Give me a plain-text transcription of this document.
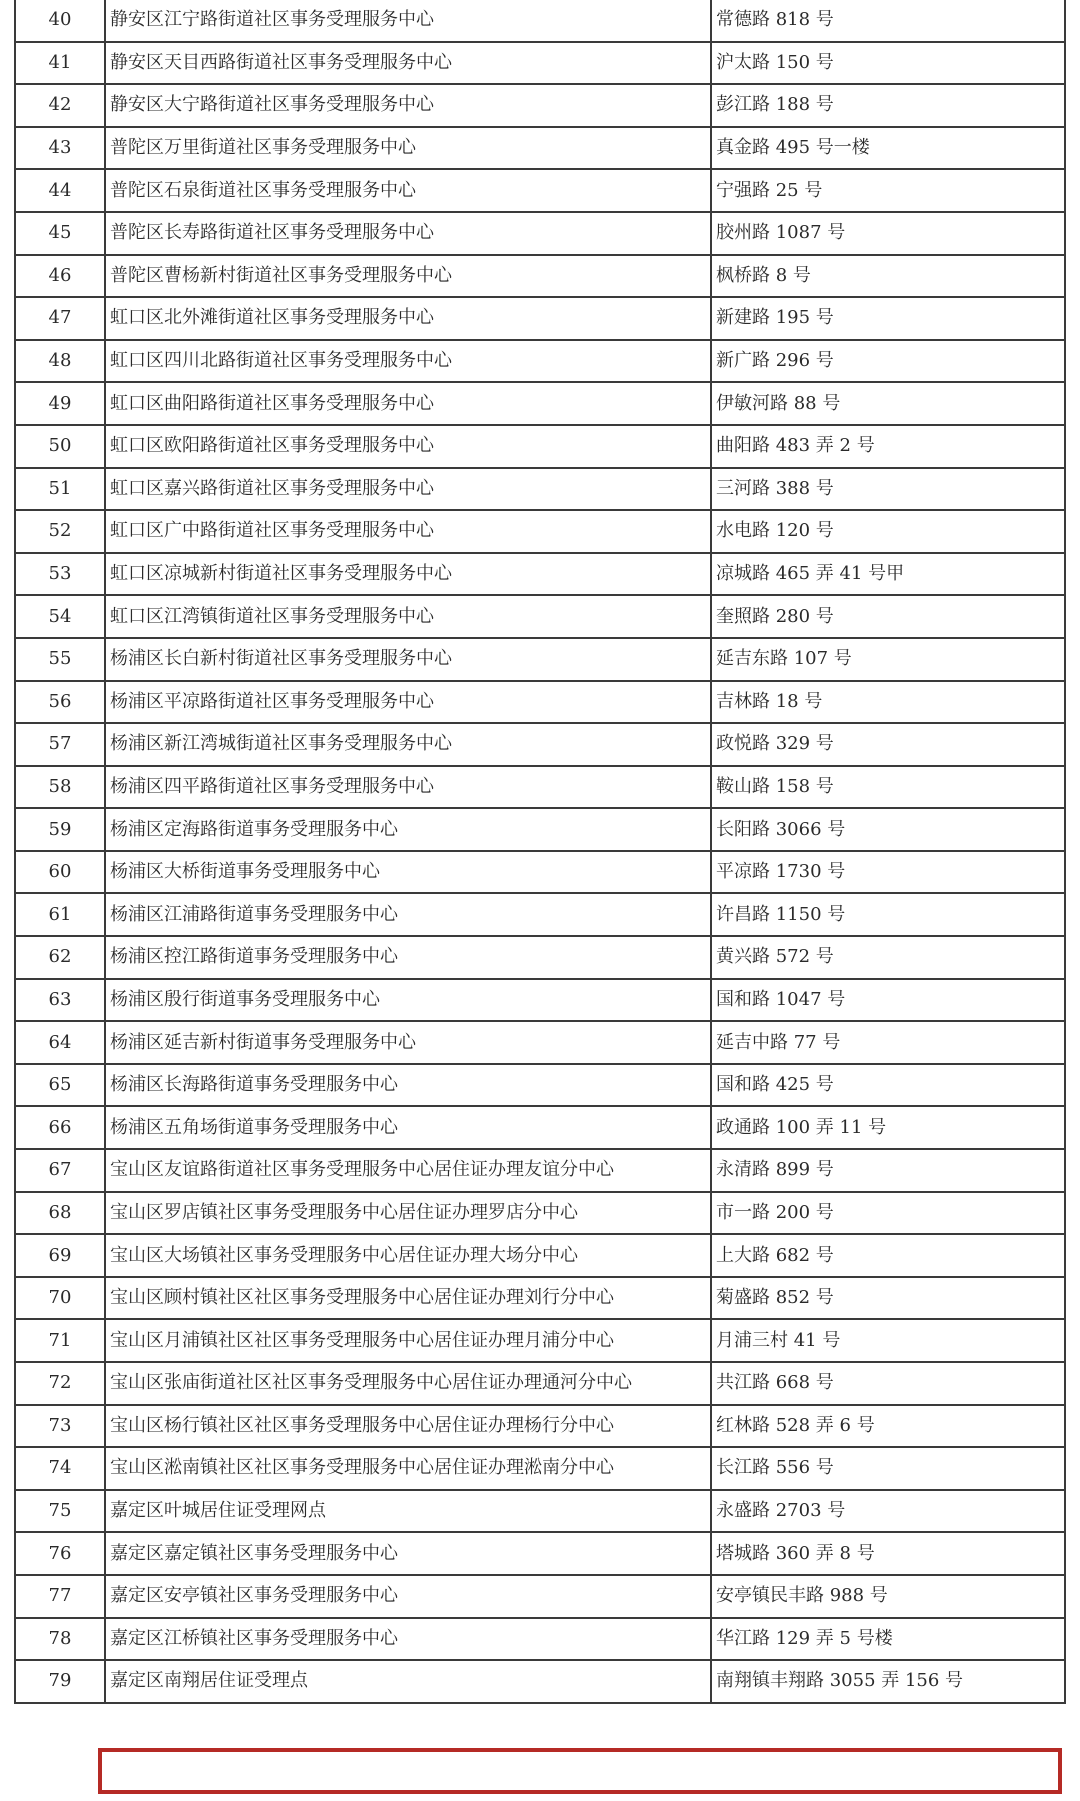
40	静安区江宁路街道社区事务受理服务中心	常德路 818 号
41	静安区天目西路街道社区事务受理服务中心	沪太路 150 号
42	静安区大宁路街道社区事务受理服务中心	彭江路 188 号
43	普陀区万里街道社区事务受理服务中心	真金路 495 号一楼
44	普陀区石泉街道社区事务受理服务中心	宁强路 25 号
45	普陀区长寿路街道社区事务受理服务中心	胶州路 1087 号
46	普陀区曹杨新村街道社区事务受理服务中心	枫桥路 8 号
47	虹口区北外滩街道社区事务受理服务中心	新建路 195 号
48	虹口区四川北路街道社区事务受理服务中心	新广路 296 号
49	虹口区曲阳路街道社区事务受理服务中心	伊敏河路 88 号
50	虹口区欧阳路街道社区事务受理服务中心	曲阳路 483 弄 2 号
51	虹口区嘉兴路街道社区事务受理服务中心	三河路 388 号
52	虹口区广中路街道社区事务受理服务中心	水电路 120 号
53	虹口区凉城新村街道社区事务受理服务中心	凉城路 465 弄 41 号甲
54	虹口区江湾镇街道社区事务受理服务中心	奎照路 280 号
55	杨浦区长白新村街道社区事务受理服务中心	延吉东路 107 号
56	杨浦区平凉路街道社区事务受理服务中心	吉林路 18 号
57	杨浦区新江湾城街道社区事务受理服务中心	政悦路 329 号
58	杨浦区四平路街道社区事务受理服务中心	鞍山路 158 号
59	杨浦区定海路街道事务受理服务中心	长阳路 3066 号
60	杨浦区大桥街道事务受理服务中心	平凉路 1730 号
61	杨浦区江浦路街道事务受理服务中心	许昌路 1150 号
62	杨浦区控江路街道事务受理服务中心	黄兴路 572 号
63	杨浦区殷行街道事务受理服务中心	国和路 1047 号
64	杨浦区延吉新村街道事务受理服务中心	延吉中路 77 号
65	杨浦区长海路街道事务受理服务中心	国和路 425 号
66	杨浦区五角场街道事务受理服务中心	政通路 100 弄 11 号
67	宝山区友谊路街道社区事务受理服务中心居住证办理友谊分中心	永清路 899 号
68	宝山区罗店镇社区事务受理服务中心居住证办理罗店分中心	市一路 200 号
69	宝山区大场镇社区事务受理服务中心居住证办理大场分中心	上大路 682 号
70	宝山区顾村镇社区社区事务受理服务中心居住证办理刘行分中心	菊盛路 852 号
71	宝山区月浦镇社区社区事务受理服务中心居住证办理月浦分中心	月浦三村 41 号
72	宝山区张庙街道社区社区事务受理服务中心居住证办理通河分中心	共江路 668 号
73	宝山区杨行镇社区社区事务受理服务中心居住证办理杨行分中心	红林路 528 弄 6 号
74	宝山区淞南镇社区社区事务受理服务中心居住证办理淞南分中心	长江路 556 号
75	嘉定区叶城居住证受理网点	永盛路 2703 号
76	嘉定区嘉定镇社区事务受理服务中心	塔城路 360 弄 8 号
77	嘉定区安亭镇社区事务受理服务中心	安亭镇民丰路 988 号
78	嘉定区江桥镇社区事务受理服务中心	华江路 129 弄 5 号楼
79	嘉定区南翔居住证受理点	南翔镇丰翔路 3055 弄 156 号
